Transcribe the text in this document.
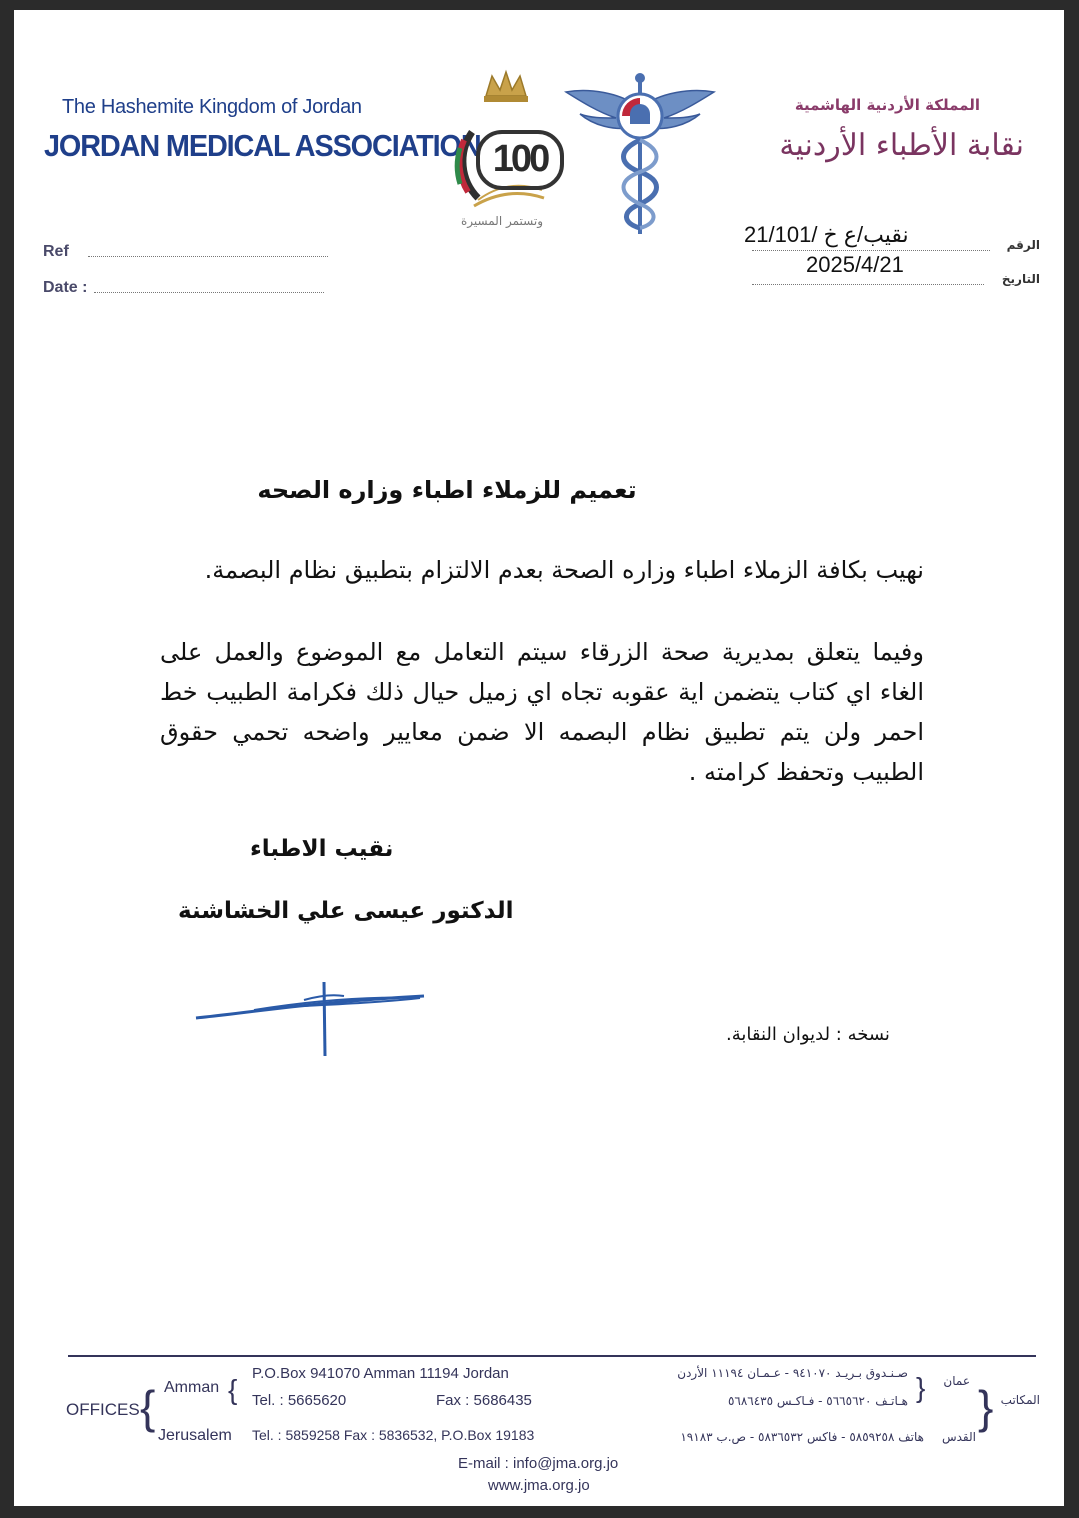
The Hashemite Kingdom of Jordan
JORDAN MEDICAL ASSOCIATION
المملكة الأردنية الهاشمية
نقابة الأطباء الأردنية
100
وتستمر المسيرة
Ref
Date :
الرقم
21/10نقيب/ع خ /1
التاريخ
2025/4/21
تعميم للزملاء اطباء وزاره الصحه
نهيب بكافة الزملاء اطباء وزاره الصحة بعدم الالتزام بتطبيق نظام البصمة.
وفيما يتعلق بمديرية صحة الزرقاء سيتم التعامل مع الموضوع والعمل على الغاء اي كتاب يتضمن اية عقوبه تجاه اي زميل حيال ذلك فكرامة الطبيب خط احمر ولن يتم تطبيق نظام البصمه الا ضمن معايير واضحه تحمي حقوق الطبيب وتحفظ كرامته .
نقيب الاطباء
الدكتور عيسى علي الخشاشنة
نسخه : لديوان النقابة.
OFFICES { Amman {
Jerusalem
P.O.Box 941070 Amman 11194 Jordan
Tel. : 5665620	Fax : 5686435
Tel. : 5859258 Fax : 5836532, P.O.Box 19183
E-mail : info@jma.org.jo
www.jma.org.jo
المكاتب
}
عمان
}
القدس
صـنـدوق بـريـد ٩٤١٠٧٠ - عـمـان ١١١٩٤ الأردن
هـاتـف ٥٦٦٥٦٢٠ - فـاكـس ٥٦٨٦٤٣٥
هاتف ٥٨٥٩٢٥٨ - فاكس ٥٨٣٦٥٣٢ - ص.ب ١٩١٨٣
